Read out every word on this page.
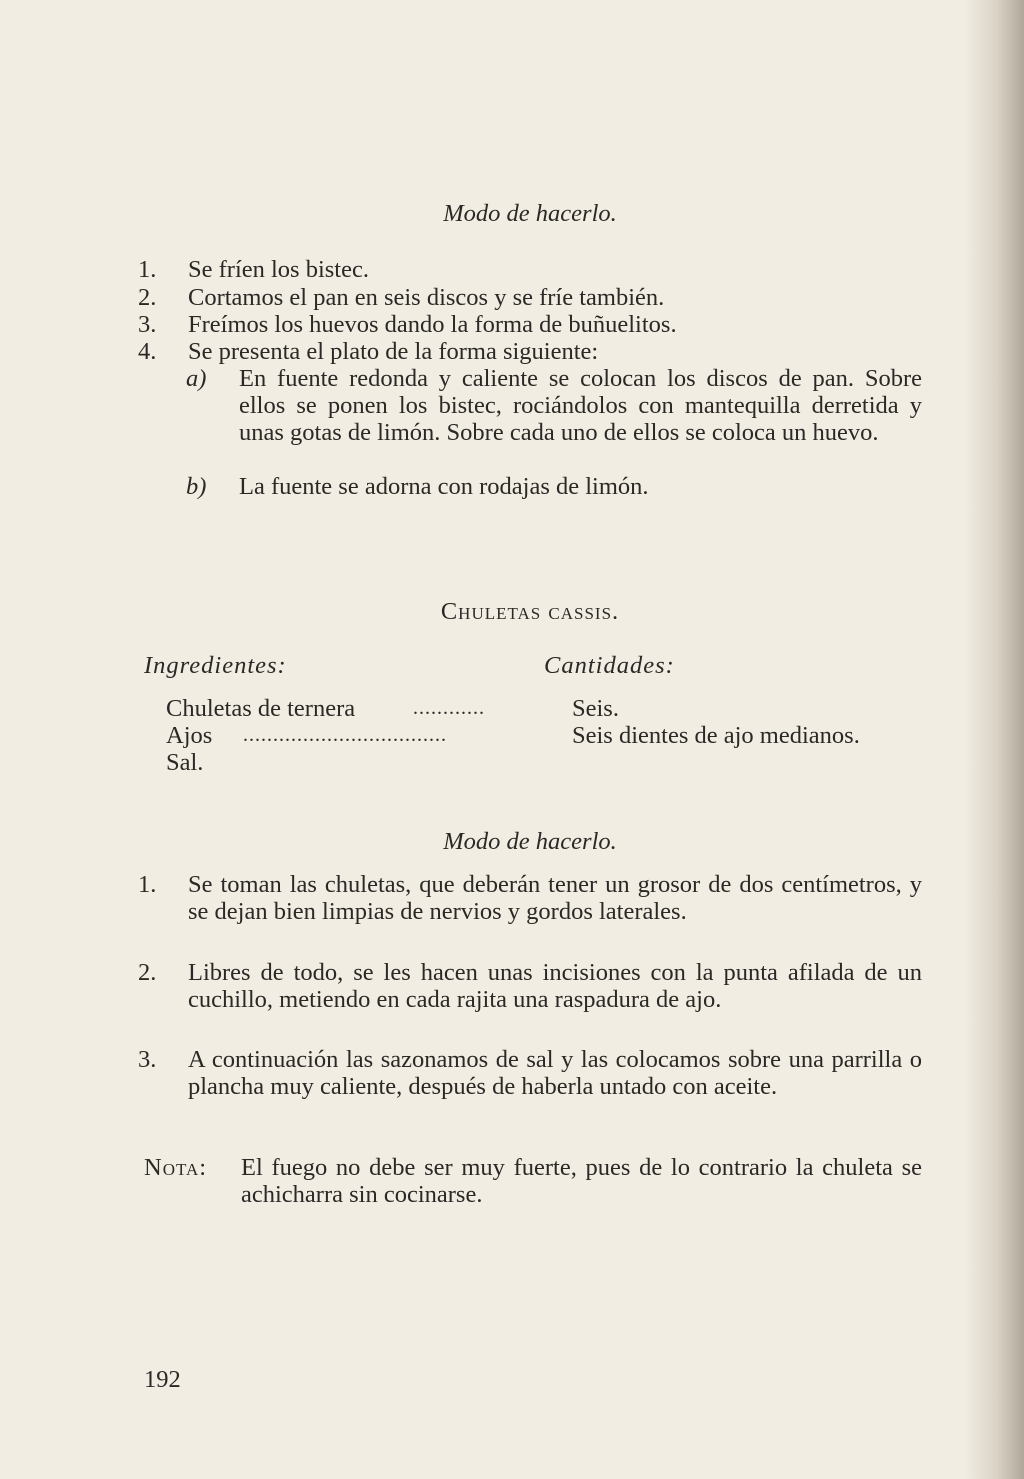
Modo de hacerlo.
1.	Se fríen los bistec.
2.	Cortamos el pan en seis discos y se fríe también.
3.	Freímos los huevos dando la forma de buñuelitos.
4.	Se presenta el plato de la forma siguiente:
a) En fuente redonda y caliente se colocan los discos de pan. Sobre ellos se ponen los bistec, rociándolos con mantequilla derretida y unas gotas de limón. Sobre cada uno de ellos se coloca un huevo.
b) La fuente se adorna con rodajas de limón.
Chuletas cassis.
Ingredientes:	Cantidades:
Chuletas de ternera	............	Seis.
Ajos ..................................	Seis dientes de ajo medianos.
Sal.
Modo de hacerlo.
1.	Se toman las chuletas, que deberán tener un grosor de dos centímetros, y se dejan bien limpias de nervios y gordos laterales.
2.	Libres de todo, se les hacen unas incisiones con la punta afilada de un cuchillo, metiendo en cada rajita una raspadura de ajo.
3.	A continuación las sazonamos de sal y las colocamos sobre una parrilla o plancha muy caliente, después de haberla untado con aceite.
Nota: El fuego no debe ser muy fuerte, pues de lo contrario la chuleta se achicharra sin cocinarse.
192
